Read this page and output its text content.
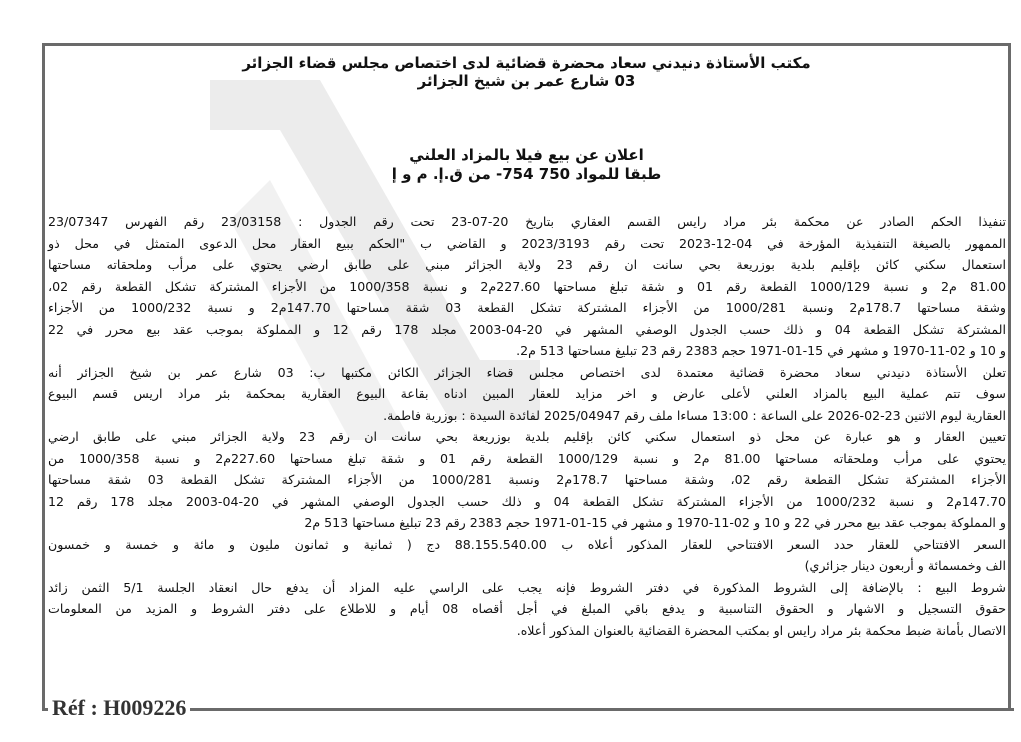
Réf : H009226
مكتب الأستاذة دنيدني سعاد محضرة قضائية لدى اختصاص مجلس قضاء الجزائر
03 شارع عمر بن شيخ الجزائر
اعلان عن بيع فيلا بالمزاد العلني
طبقا للمواد 750 754- من ق.إ. م و إ
تنفيذا الحكم الصادر عن محكمة بئر مراد رايس القسم العقاري بتاريخ 20-07-23 تحت رقم الجدول : 23/03158 رقم الفهرس 23/07347
الممهور بالصيغة التنفيذية المؤرخة في 04-12-2023 تحت رقم 2023/3193 و القاضي ب "الحكم ببيع العقار محل الدعوى المتمثل في محل ذو
استعمال سكني كائن بإقليم بلدية بوزريعة بحي سانت ان رقم 23 ولاية الجزائر مبني على طابق ارضي يحتوي على مرأب وملحقاته مساحتها
81.00 م2 و نسبة 1000/129 القطعة رقم 01 و شقة تبلغ مساحتها 227.60م2 و نسبة 1000/358 من الأجزاء المشتركة تشكل القطعة رقم 02،
وشقة مساحتها 178.7م2 ونسبة 1000/281 من الأجزاء المشتركة تشكل القطعة 03 شقة مساحتها 147.70م2 و نسبة 1000/232 من الأجزاء
المشتركة تشكل القطعة 04 و ذلك حسب الجدول الوصفي المشهر في 20-04-2003 مجلد 178 رقم 12 و المملوكة بموجب عقد بيع محرر في 22
و 10 و 02-11-1970 و مشهر في 15-01-1971 حجم 2383 رقم 23 تبليغ مساحتها 513 م2.
تعلن الأستاذة دنيدني سعاد محضرة قضائية معتمدة لدى اختصاص مجلس قضاء الجزائر الكائن مكتبها ب: 03 شارع عمر بن شيخ الجزائر أنه
سوف تتم عملية البيع بالمزاد العلني لأعلى عارض و اخر مزايد للعقار المبين ادناه بقاعة البيوع العقارية بمحكمة بئر مراد اريس قسم البيوع
العقارية ليوم الاثنين 23-02-2026 على الساعة : 13:00 مساءا ملف رقم 2025/04947 لفائدة السيدة : بوزرية فاطمة.
تعيين العقار و هو عبارة عن محل ذو استعمال سكني كائن بإقليم بلدية بوزريعة بحي سانت ان رقم 23 ولاية الجزائر مبني على طابق ارضي
يحتوي على مرأب وملحقاته مساحتها 81.00 م2 و نسبة 1000/129 القطعة رقم 01 و شقة تبلغ مساحتها 227.60م2 و نسبة 1000/358 من
الأجزاء المشتركة تشكل القطعة رقم 02، وشقة مساحتها 178.7م2 ونسبة 1000/281 من الأجزاء المشتركة تشكل القطعة 03 شقة مساحتها
147.70م2 و نسبة 1000/232 من الأجزاء المشتركة تشكل القطعة 04 و ذلك حسب الجدول الوصفي المشهر في 20-04-2003 مجلد 178 رقم 12
و المملوكة بموجب عقد بيع محرر في 22 و 10 و 02-11-1970 و مشهر في 15-01-1971 حجم 2383 رقم 23 تبليغ مساحتها 513 م2
السعر الافتتاحي للعقار حدد السعر الافتتاحي للعقار المذكور أعلاه ب 88.155.540.00 دج ( ثمانية و ثمانون مليون و مائة و خمسة و خمسون
الف وخمسمائة و أربعون دينار جزائري)
شروط البيع : بالإضافة إلى الشروط المذكورة في دفتر الشروط فإنه يجب على الراسي عليه المزاد أن يدفع حال انعقاد الجلسة 5/1 الثمن زائد
حقوق التسجيل و الاشهار و الحقوق التناسبية و يدفع باقي المبلغ في أجل أقصاه 08 أيام و للاطلاع على دفتر الشروط و المزيد من المعلومات
الاتصال بأمانة ضبط محكمة بئر مراد رايس او بمكتب المحضرة القضائية بالعنوان المذكور أعلاه.
